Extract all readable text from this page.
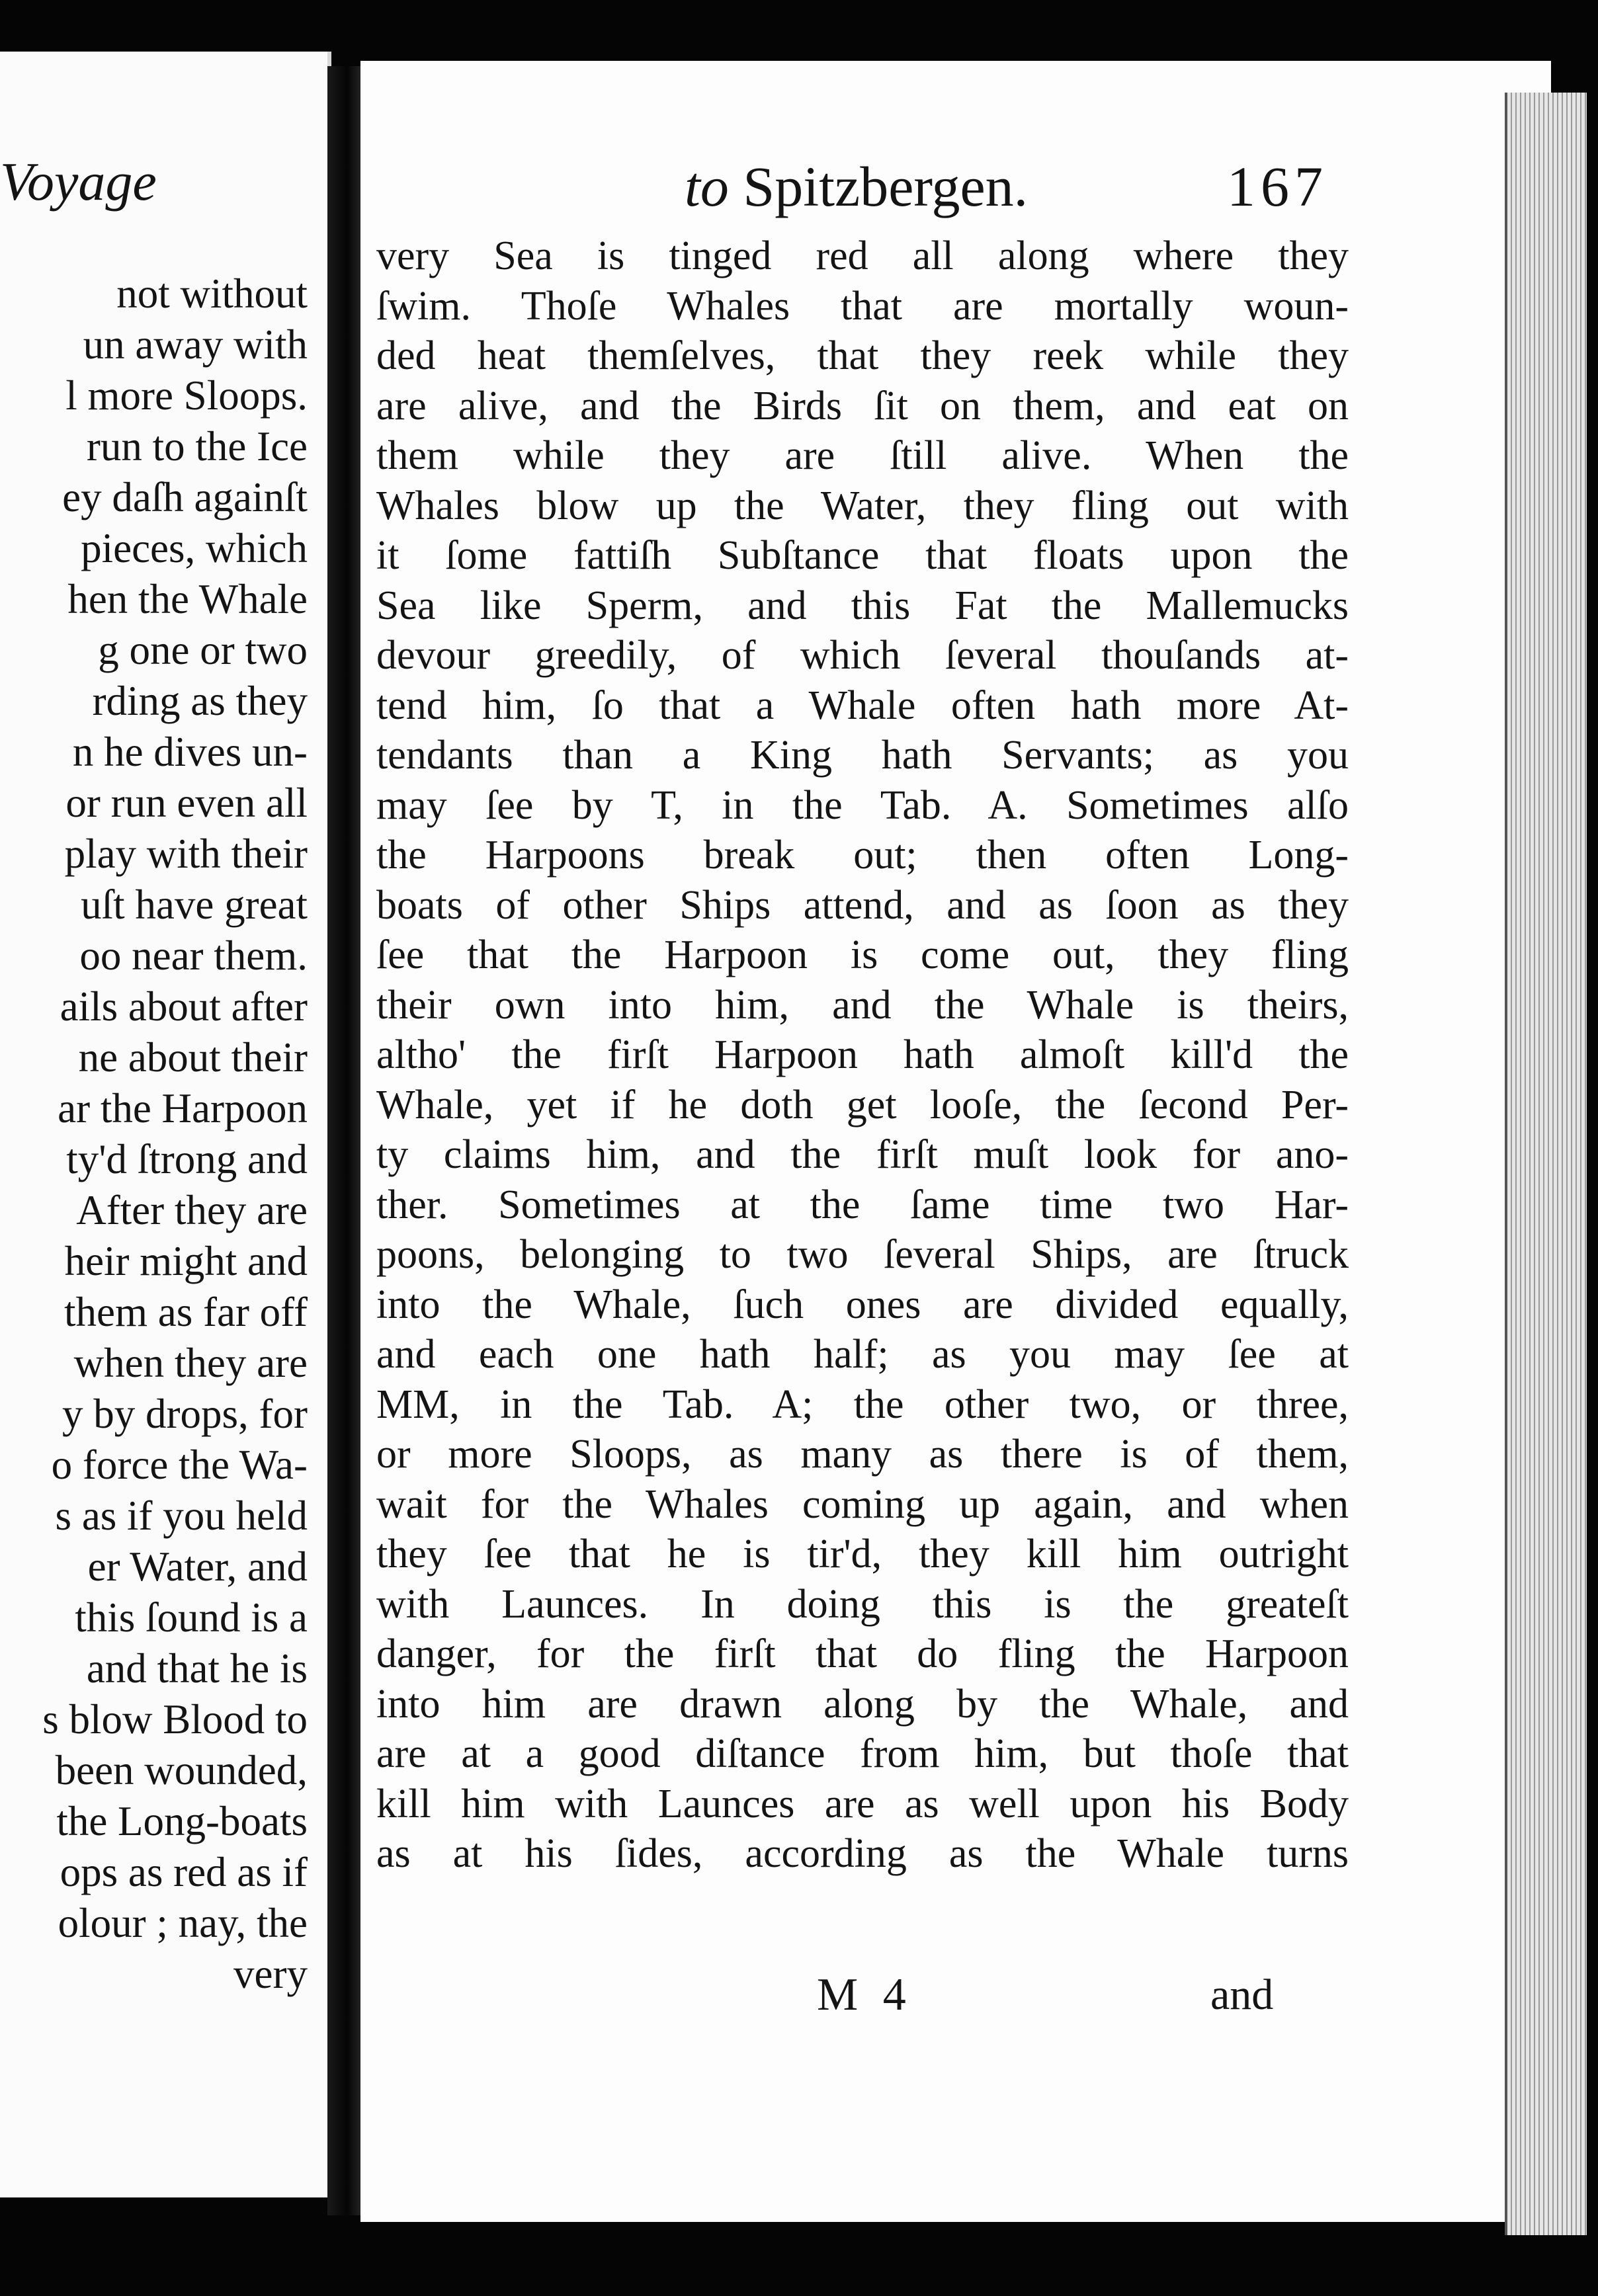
Voyage
not without
un away with
l more Sloops.
run to the Ice
ey daſh againſt
pieces, which
hen the Whale
g one or two
rding as they
n he dives un-
or run even all
play with their
uſt have great
oo near them.
ails about after
ne about their
ar the Harpoon
ty'd ſtrong and
After they are
heir might and
them as far off
when they are
y by drops, for
o force the Wa-
s as if you held
er Water, and
this ſound is a
and that he is
s blow Blood to
been wounded,
the Long-boats
ops as red as if
olour ; nay, the
very
to Spitzbergen.	167
very Sea is tinged red all along where they
ſwim. Thoſe Whales that are mortally woun-
ded heat themſelves, that they reek while they
are alive, and the Birds ſit on them, and eat on
them while they are ſtill alive. When the
Whales blow up the Water, they fling out with
it ſome fattiſh Subſtance that floats upon the
Sea like Sperm, and this Fat the Mallemucks
devour greedily, of which ſeveral thouſands at-
tend him, ſo that a Whale often hath more At-
tendants than a King hath Servants; as you
may ſee by T, in the Tab. A. Sometimes alſo
the Harpoons break out; then often Long-
boats of other Ships attend, and as ſoon as they
ſee that the Harpoon is come out, they fling
their own into him, and the Whale is theirs,
altho' the firſt Harpoon hath almoſt kill'd the
Whale, yet if he doth get looſe, the ſecond Per-
ty claims him, and the firſt muſt look for ano-
ther. Sometimes at the ſame time two Har-
poons, belonging to two ſeveral Ships, are ſtruck
into the Whale, ſuch ones are divided equally,
and each one hath half; as you may ſee at
MM, in the Tab. A; the other two, or three,
or more Sloops, as many as there is of them,
wait for the Whales coming up again, and when
they ſee that he is tir'd, they kill him outright
with Launces. In doing this is the greateſt
danger, for the firſt that do fling the Harpoon
into him are drawn along by the Whale, and
are at a good diſtance from him, but thoſe that
kill him with Launces are as well upon his Body
as at his ſides, according as the Whale turns
M 4	and
